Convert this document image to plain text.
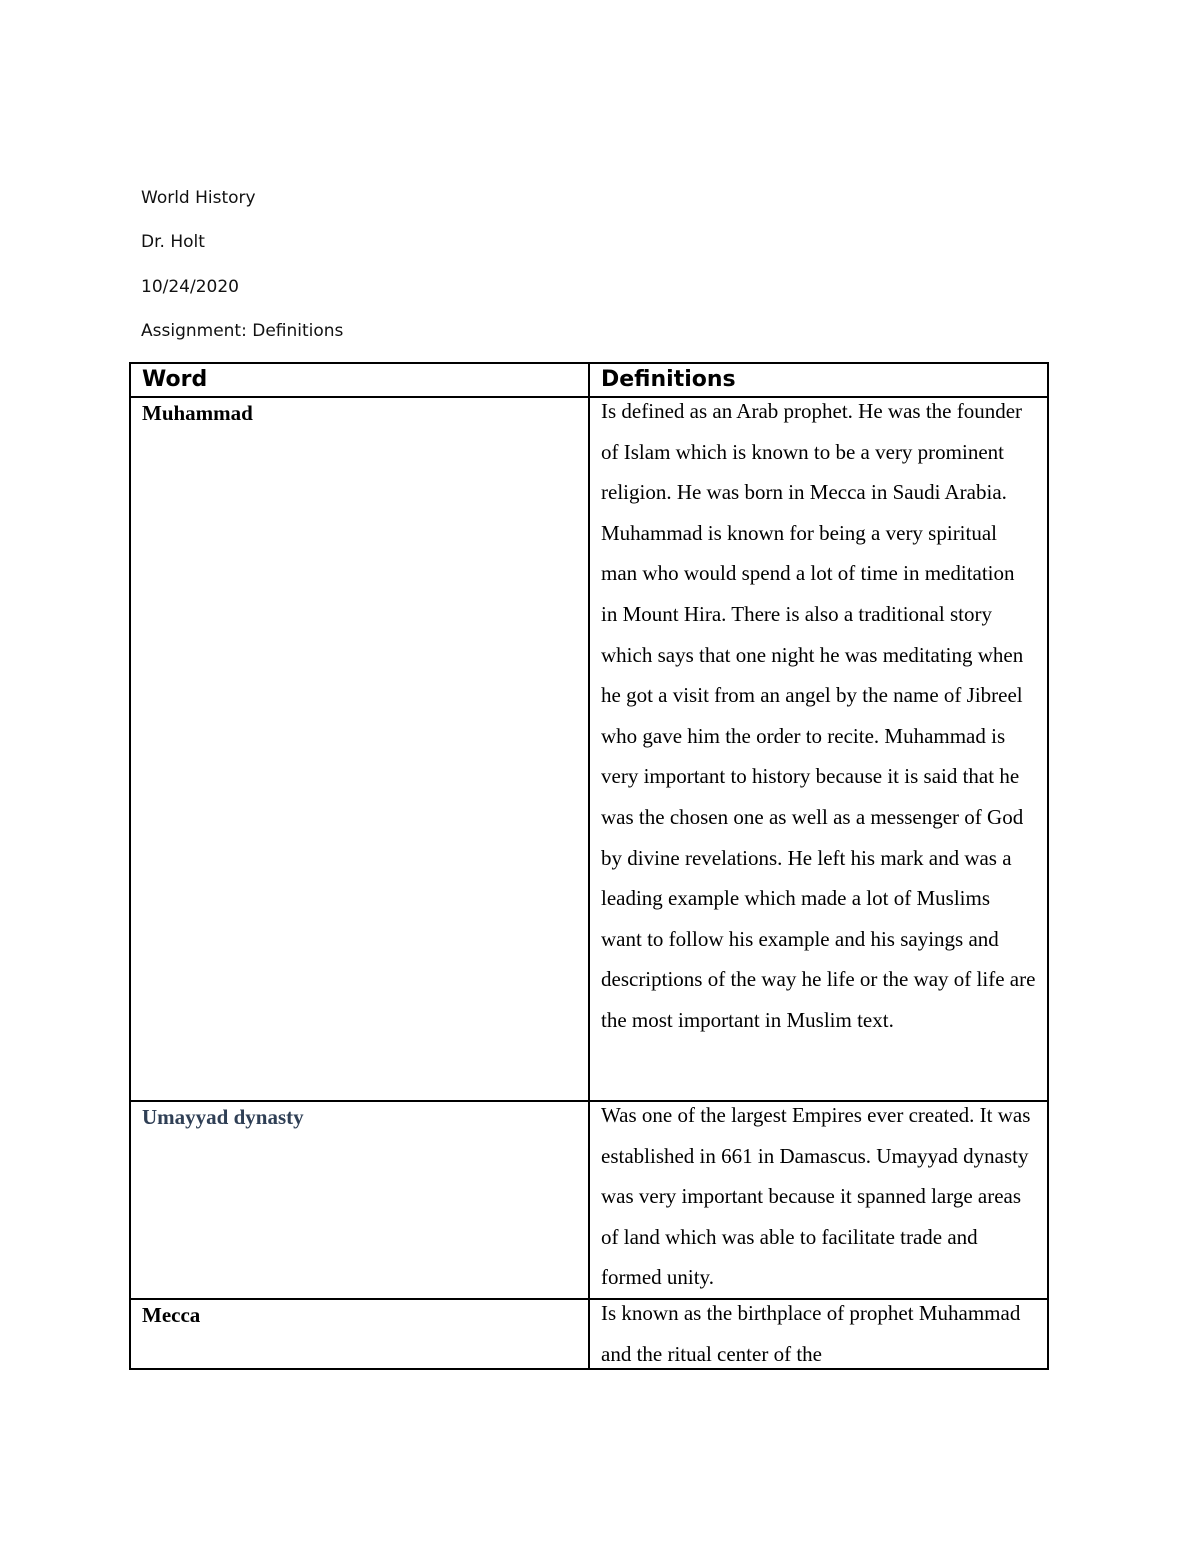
World History
Dr. Holt
10/24/2020
Assignment: Definitions
Word	Definitions
Muhammad	Is defined as an Arab prophet. He was the founder of Islam which is known to be a very prominent religion. He was born in Mecca in Saudi Arabia. Muhammad is known for being a very spiritual man who would spend a lot of time in meditation in Mount Hira. There is also a traditional story which says that one night he was meditating when he got a visit from an angel by the name of Jibreel who gave him the order to recite. Muhammad is very important to history because it is said that he was the chosen one as well as a messenger of God by divine revelations. He left his mark and was a leading example which made a lot of Muslims want to follow his example and his sayings and descriptions of the way he life or the way of life are the most important in Muslim text.

Umayyad dynasty	Was one of the largest Empires ever created. It was established in 661 in Damascus. Umayyad dynasty was very important because it spanned large areas of land which was able to facilitate trade and formed unity.

Mecca	Is known as the birthplace of prophet Muhammad and the ritual center of the
